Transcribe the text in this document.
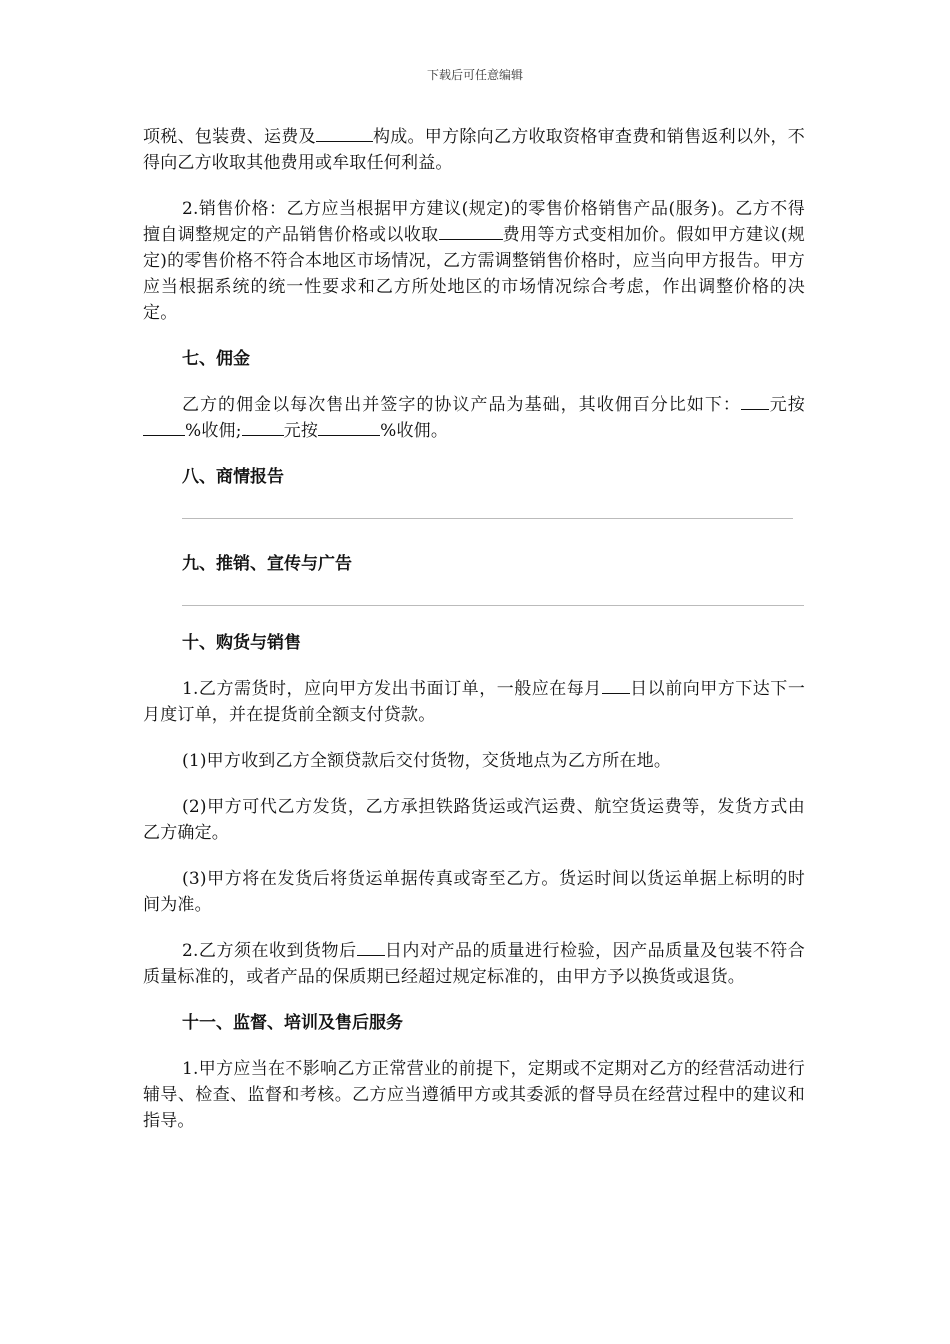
下载后可任意编辑

项税、包装费、运费及	构成。甲方除向乙方收取资格审查费和销售返利以外，不得向乙方收取其他费用或牟取任何利益。

2.销售价格：乙方应当根据甲方建议(规定)的零售价格销售产品(服务)。乙方不得擅自调整规定的产品销售价格或以收取	费用等方式变相加价。假如甲方建议(规定)的零售价格不符合本地区市场情况，乙方需调整销售价格时，应当向甲方报告。甲方应当根据系统的统一性要求和乙方所处地区的市场情况综合考虑，作出调整价格的决定。

七、佣金

乙方的佣金以每次售出并签字的协议产品为基础，其收佣百分比如下： 元按%收佣; 元按	%收佣。

八、商情报告

九、推销、宣传与广告

十、购货与销售

1.乙方需货时，应向甲方发出书面订单，一般应在每月 日以前向甲方下达下一月度订单，并在提货前全额支付贷款。

(1)甲方收到乙方全额贷款后交付货物，交货地点为乙方所在地。

(2)甲方可代乙方发货，乙方承担铁路货运或汽运费、航空货运费等，发货方式由乙方确定。

(3)甲方将在发货后将货运单据传真或寄至乙方。货运时间以货运单据上标明的时间为准。

2.乙方须在收到货物后 日内对产品的质量进行检验，因产品质量及包装不符合质量标准的，或者产品的保质期已经超过规定标准的，由甲方予以换货或退货。

十一、监督、培训及售后服务

1.甲方应当在不影响乙方正常营业的前提下，定期或不定期对乙方的经营活动进行辅导、检查、监督和考核。乙方应当遵循甲方或其委派的督导员在经营过程中的建议和指导。
